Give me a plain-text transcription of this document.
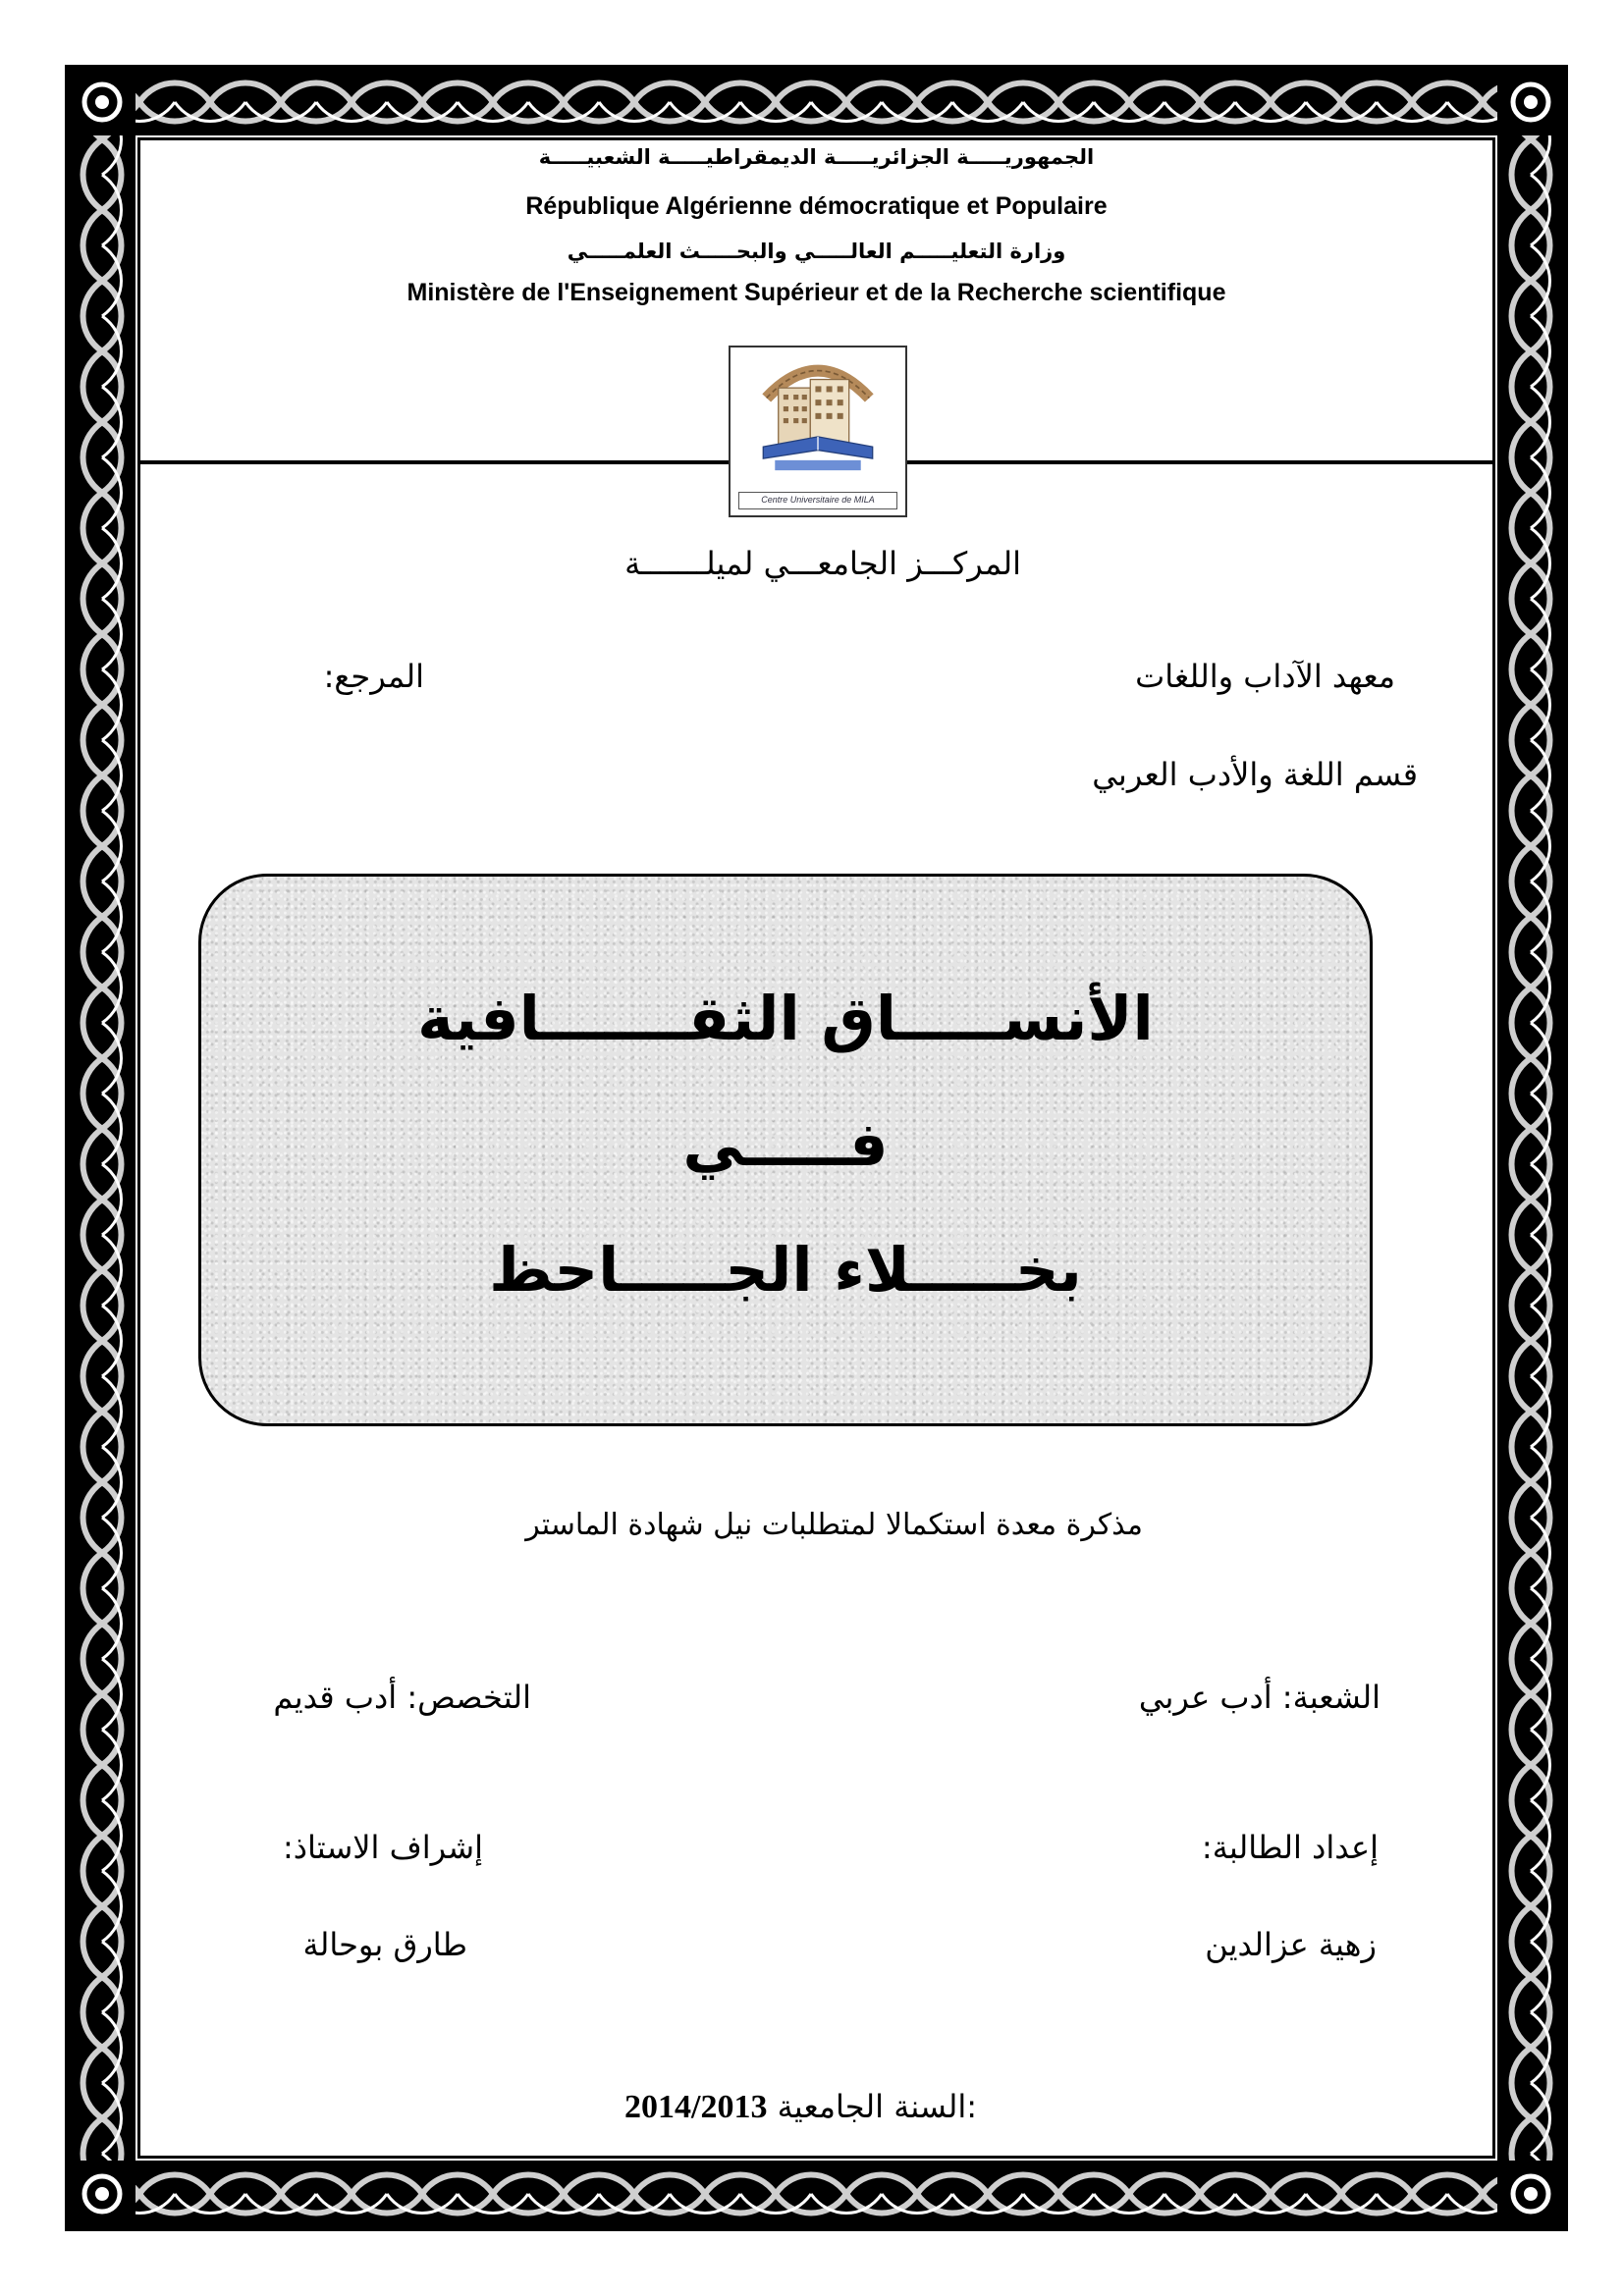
الجمهوريـــــة الجزائريـــــة الديمقراطيـــــة الشعبيـــــة
République Algérienne démocratique et Populaire
وزارة التعليـــــم العالـــــي والبحـــــث العلمـــــي
Ministère de l'Enseignement Supérieur et de la Recherche scientifique
Centre Universitaire de MILA
المركـــز الجامعـــي لميلـــــــة
معهد الآداب واللغات
المرجع:
قسم اللغة والأدب العربي
الأنســـــاق الثقـــــــافية
فـــــي
بخـــــلاء الجـــــاحظ
مذكرة معدة استكمالا لمتطلبات نيل شهادة الماستر
الشعبة: أدب عربي
التخصص: أدب قديم
إعداد الطالبة:
إشراف الاستاذ:
زهية عزالدين
طارق بوحالة
2014/2013 السنة الجامعية:
